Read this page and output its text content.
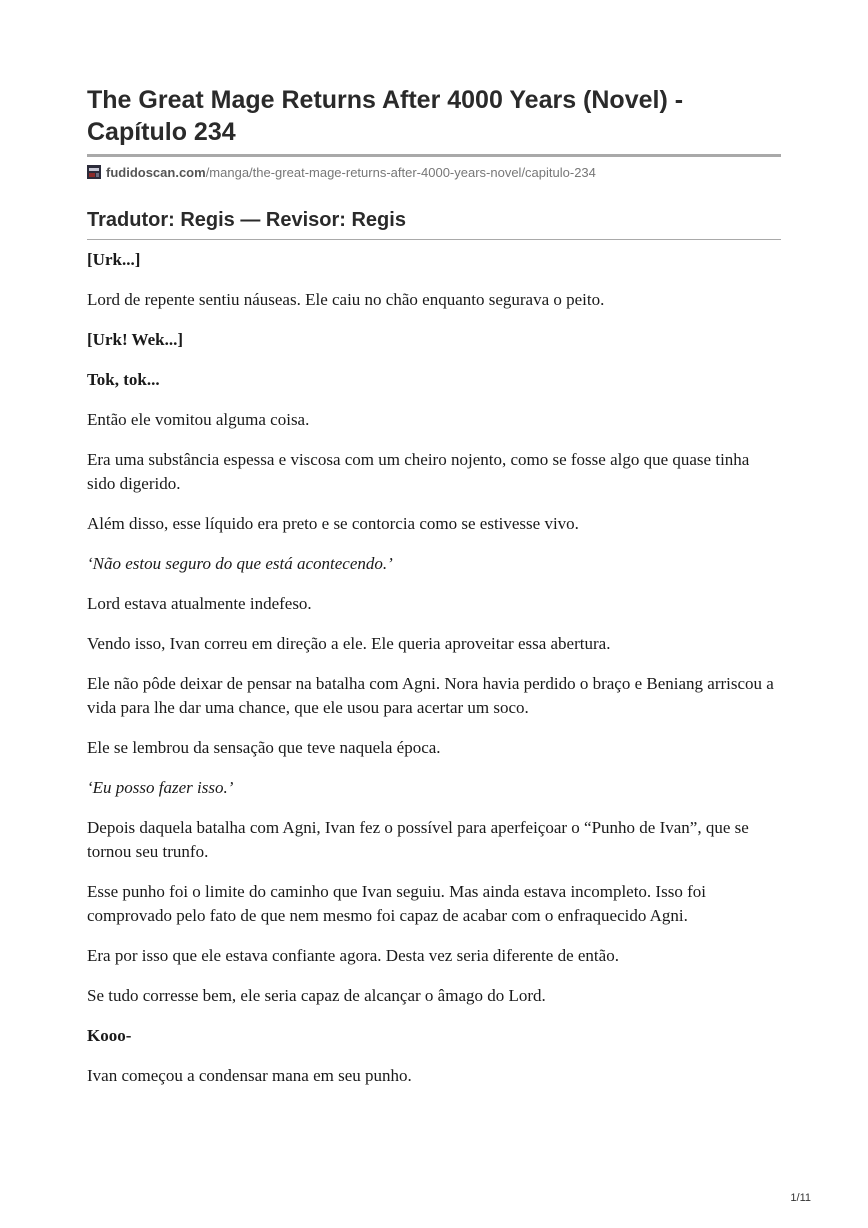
The Great Mage Returns After 4000 Years (Novel) - Capítulo 234
fudidoscan.com /manga/the-great-mage-returns-after-4000-years-novel/capitulo-234
Tradutor: Regis — Revisor: Regis

[Urk...]

Lord de repente sentiu náuseas. Ele caiu no chão enquanto segurava o peito.

[Urk! Wek...]

Tok, tok...

Então ele vomitou alguma coisa.

Era uma substância espessa e viscosa com um cheiro nojento, como se fosse algo que quase tinha sido digerido.

Além disso, esse líquido era preto e se contorcia como se estivesse vivo.

‘Não estou seguro do que está acontecendo.’

Lord estava atualmente indefeso.

Vendo isso, Ivan correu em direção a ele. Ele queria aproveitar essa abertura.

Ele não pôde deixar de pensar na batalha com Agni. Nora havia perdido o braço e Beniang arriscou a vida para lhe dar uma chance, que ele usou para acertar um soco.

Ele se lembrou da sensação que teve naquela época.

‘Eu posso fazer isso.’

Depois daquela batalha com Agni, Ivan fez o possível para aperfeiçoar o “Punho de Ivan”, que se tornou seu trunfo.

Esse punho foi o limite do caminho que Ivan seguiu. Mas ainda estava incompleto. Isso foi comprovado pelo fato de que nem mesmo foi capaz de acabar com o enfraquecido Agni.

Era por isso que ele estava confiante agora. Desta vez seria diferente de então.

Se tudo corresse bem, ele seria capaz de alcançar o âmago do Lord.

Kooo-

Ivan começou a condensar mana em seu punho.

1/11
